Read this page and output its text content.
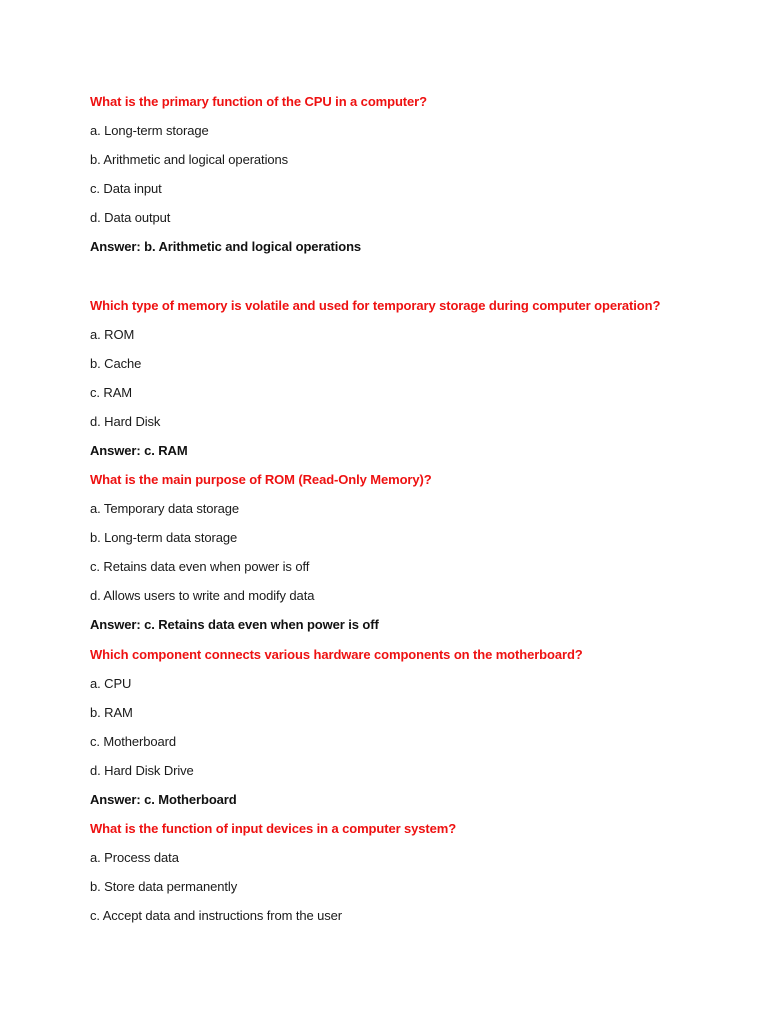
What is the primary function of the CPU in a computer?
a. Long-term storage
b. Arithmetic and logical operations
c. Data input
d. Data output
Answer: b. Arithmetic and logical operations
Which type of memory is volatile and used for temporary storage during computer operation?
a. ROM
b. Cache
c. RAM
d. Hard Disk
Answer: c. RAM
What is the main purpose of ROM (Read-Only Memory)?
a. Temporary data storage
b. Long-term data storage
c. Retains data even when power is off
d. Allows users to write and modify data
Answer: c. Retains data even when power is off
Which component connects various hardware components on the motherboard?
a. CPU
b. RAM
c. Motherboard
d. Hard Disk Drive
Answer: c. Motherboard
What is the function of input devices in a computer system?
a. Process data
b. Store data permanently
c. Accept data and instructions from the user
